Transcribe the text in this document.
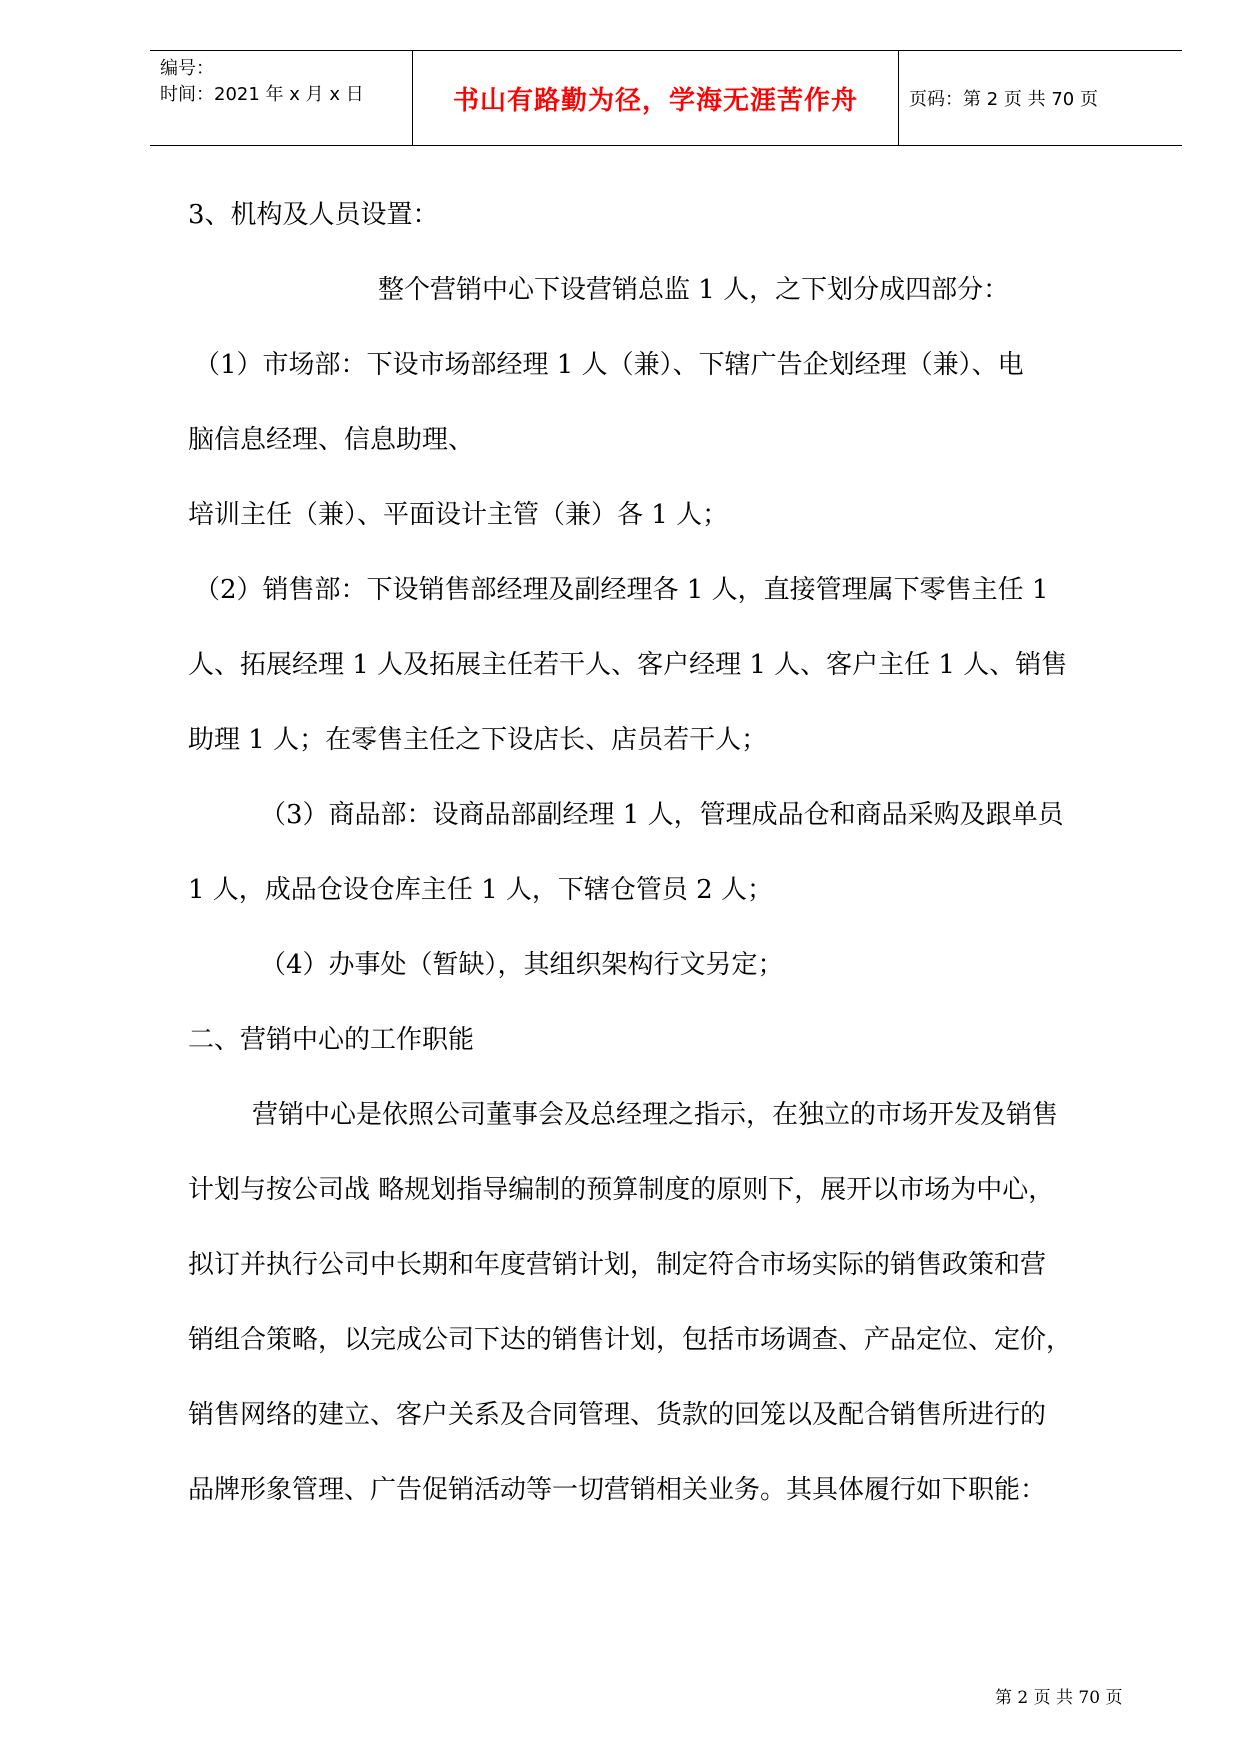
编号：
时间：2021 年 x 月 x 日	书山有路勤为径，学海无涯苦作舟	页码：第 2 页 共 70 页

3、机构及人员设置：

整个营销中心下设营销总监 1 人，之下划分成四部分：

（1）市场部：下设市场部经理 1 人（兼）、下辖广告企划经理（兼）、电

脑信息经理、信息助理、

培训主任（兼）、平面设计主管（兼）各 1 人；

（2）销售部：下设销售部经理及副经理各 1 人，直接管理属下零售主任 1

人、拓展经理 1 人及拓展主任若干人、客户经理 1 人、客户主任 1 人、销售

助理 1 人；在零售主任之下设店长、店员若干人；

（3）商品部：设商品部副经理 1 人，管理成品仓和商品采购及跟单员

1 人，成品仓设仓库主任 1 人，下辖仓管员 2 人；

（4）办事处（暂缺），其组织架构行文另定；

二、营销中心的工作职能

营销中心是依照公司董事会及总经理之指示，在独立的市场开发及销售

计划与按公司战 略规划指导编制的预算制度的原则下，展开以市场为中心，

拟订并执行公司中长期和年度营销计划，制定符合市场实际的销售政策和营

销组合策略，以完成公司下达的销售计划，包括市场调查、产品定位、定价，

销售网络的建立、客户关系及合同管理、货款的回笼以及配合销售所进行的

品牌形象管理、广告促销活动等一切营销相关业务。其具体履行如下职能：

第 2 页 共 70 页
